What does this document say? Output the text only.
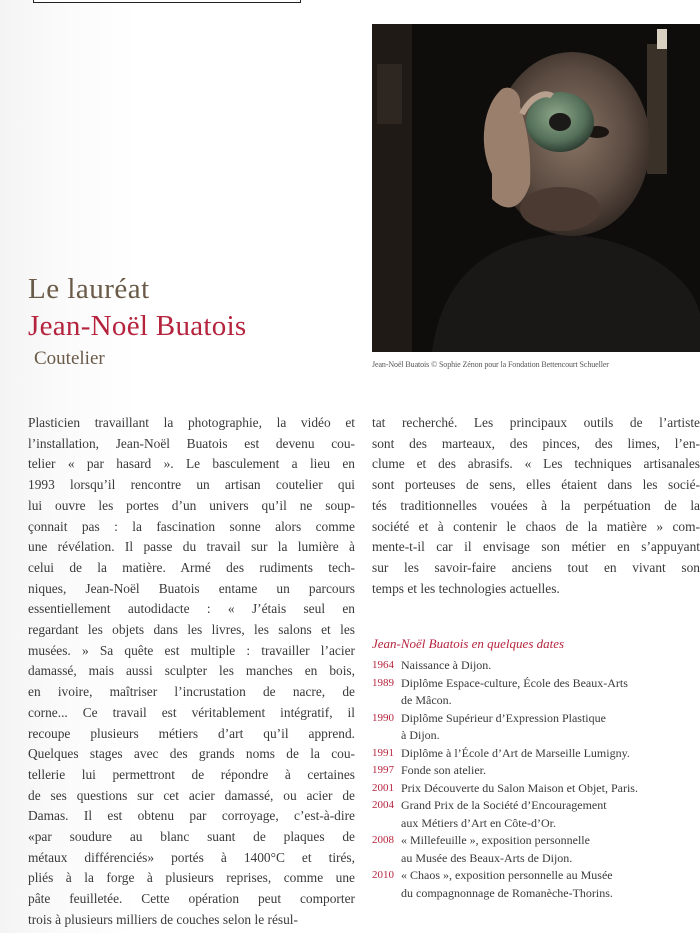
Jean-Noël Buatois © Sophie Zénon pour la Fondation Bettencourt Schueller
Le lauréat
Jean-Noël Buatois
Coutelier
Plasticien travaillant la photographie, la vidéo et
l’installation, Jean-Noël Buatois est devenu cou-
telier « par hasard ». Le basculement a lieu en
1993 lorsqu’il rencontre un artisan coutelier qui
lui ouvre les portes d’un univers qu’il ne soup-
çonnait pas : la fascination sonne alors comme
une révélation. Il passe du travail sur la lumière à
celui de la matière. Armé des rudiments tech-
niques, Jean-Noël Buatois entame un parcours
essentiellement autodidacte : « J’étais seul en
regardant les objets dans les livres, les salons et les
musées. » Sa quête est multiple : travailler l’acier
damassé, mais aussi sculpter les manches en bois,
en ivoire, maîtriser l’incrustation de nacre, de
corne... Ce travail est véritablement intégratif, il
recoupe plusieurs métiers d’art qu’il apprend.
Quelques stages avec des grands noms de la cou-
tellerie lui permettront de répondre à certaines
de ses questions sur cet acier damassé, ou acier de
Damas. Il est obtenu par corroyage, c’est-à-dire
«par soudure au blanc suant de plaques de
métaux différenciés» portés à 1400°C et tirés,
pliés à la forge à plusieurs reprises, comme une
pâte feuilletée. Cette opération peut comporter
trois à plusieurs milliers de couches selon le résul-
tat recherché. Les principaux outils de l’artiste
sont des marteaux, des pinces, des limes, l’en-
clume et des abrasifs. « Les techniques artisanales
sont porteuses de sens, elles étaient dans les socié-
tés traditionnelles vouées à la perpétuation de la
société et à contenir le chaos de la matière » com-
mente-t-il car il envisage son métier en s’appuyant
sur les savoir-faire anciens tout en vivant son
temps et les technologies actuelles.
Jean-Noël Buatois en quelques dates
1964 Naissance à Dijon.
1989 Diplôme Espace-culture, École des Beaux-Arts
de Mâcon.
1990 Diplôme Supérieur d’Expression Plastique
à Dijon.
1991 Diplôme à l’École d’Art de Marseille Lumigny.
1997 Fonde son atelier.
2001 Prix Découverte du Salon Maison et Objet, Paris.
2004 Grand Prix de la Société d’Encouragement
aux Métiers d’Art en Côte-d’Or.
2008 « Millefeuille », exposition personnelle
au Musée des Beaux-Arts de Dijon.
2010 « Chaos », exposition personnelle au Musée
du compagnonnage de Romanèche-Thorins.
